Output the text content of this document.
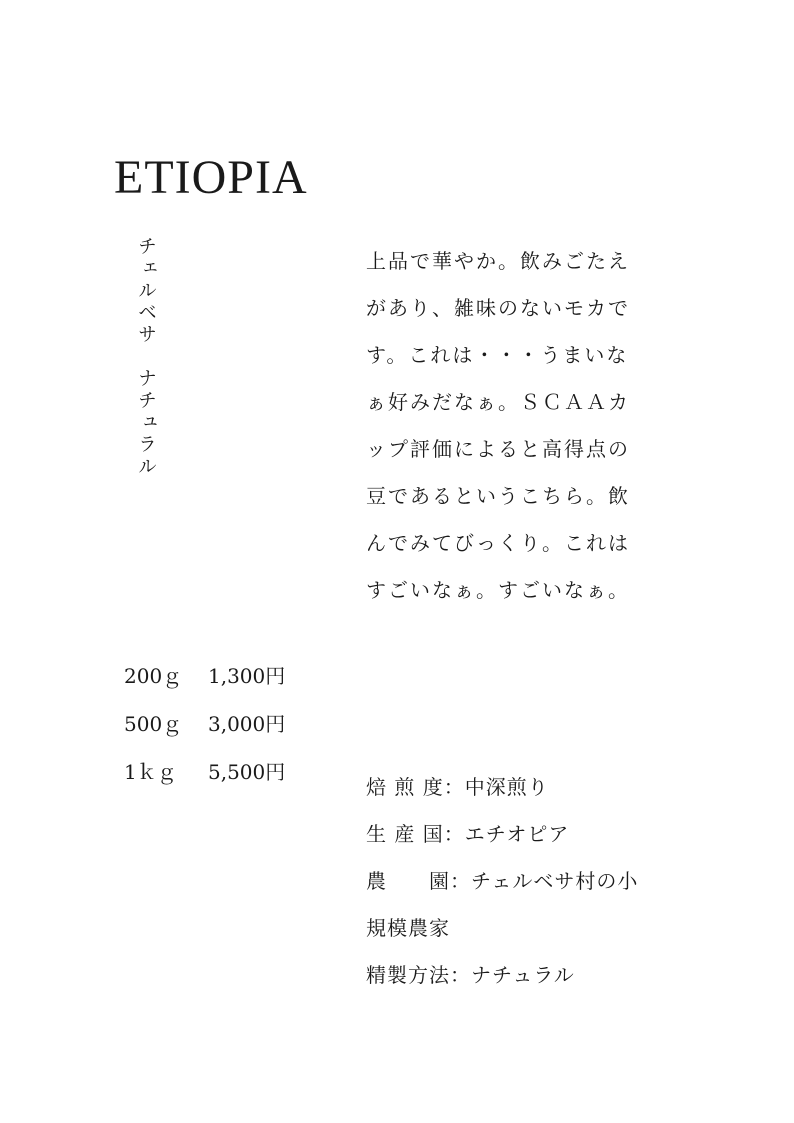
ETIOPIA
チェルベサ　ナチュラル
200ｇ	1,300円
500ｇ	3,000円
1ｋｇ	5,500円

上品で華やか。飲みごたえがあり、雑味のないモカです。これは・・・うまいなぁ好みだなぁ。ＳＣＡＡカップ評価によると高得点の豆であるというこちら。飲んでみてびっくり。これはすごいなぁ。すごいなぁ。

焙 煎 度：中深煎り
生 産 国：エチオピア
農　　園：チェルベサ村の小規模農家
精製方法：ナチュラル
